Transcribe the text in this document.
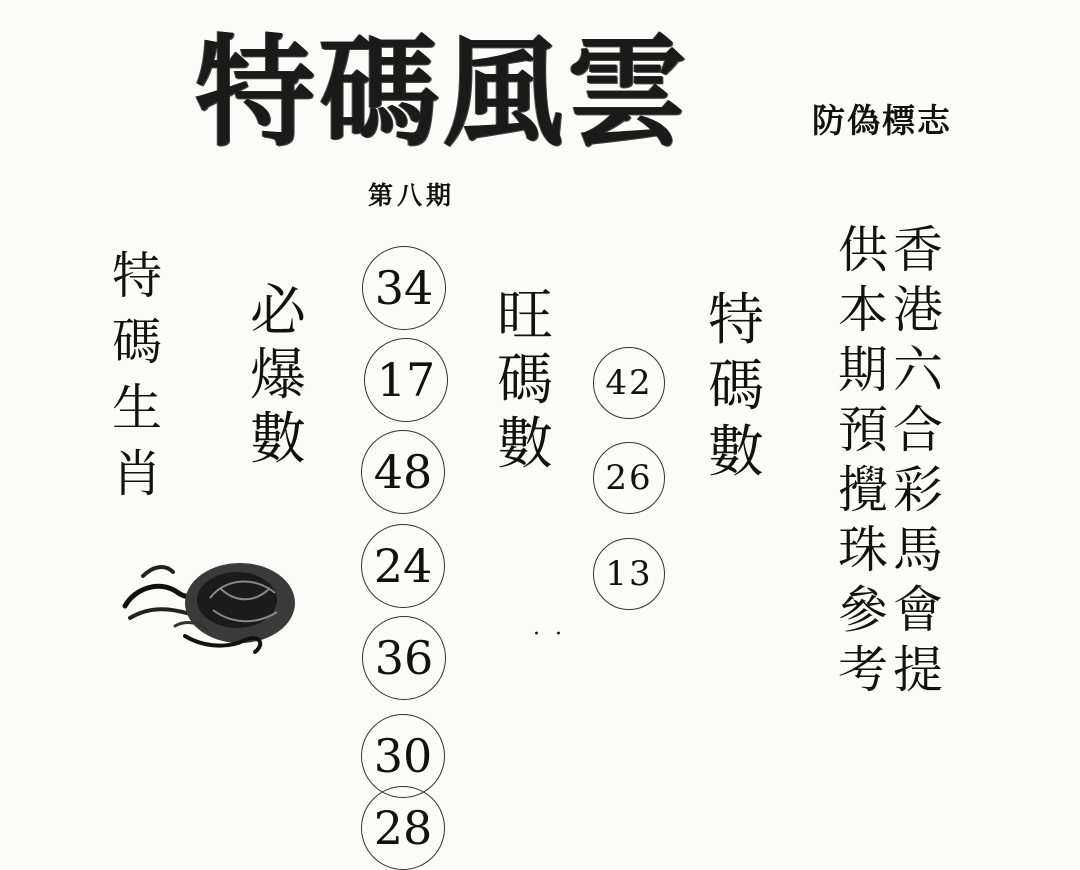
特碼風雲	防偽標志
第八期
特
碼
生
肖
必
爆
數
旺
碼
數
特
碼
數
供
本
期
預
攪
珠
參
考
香
港
六
合
彩
馬
會
提
34
17
48
24
36
30
28
42
26
13
· ·
